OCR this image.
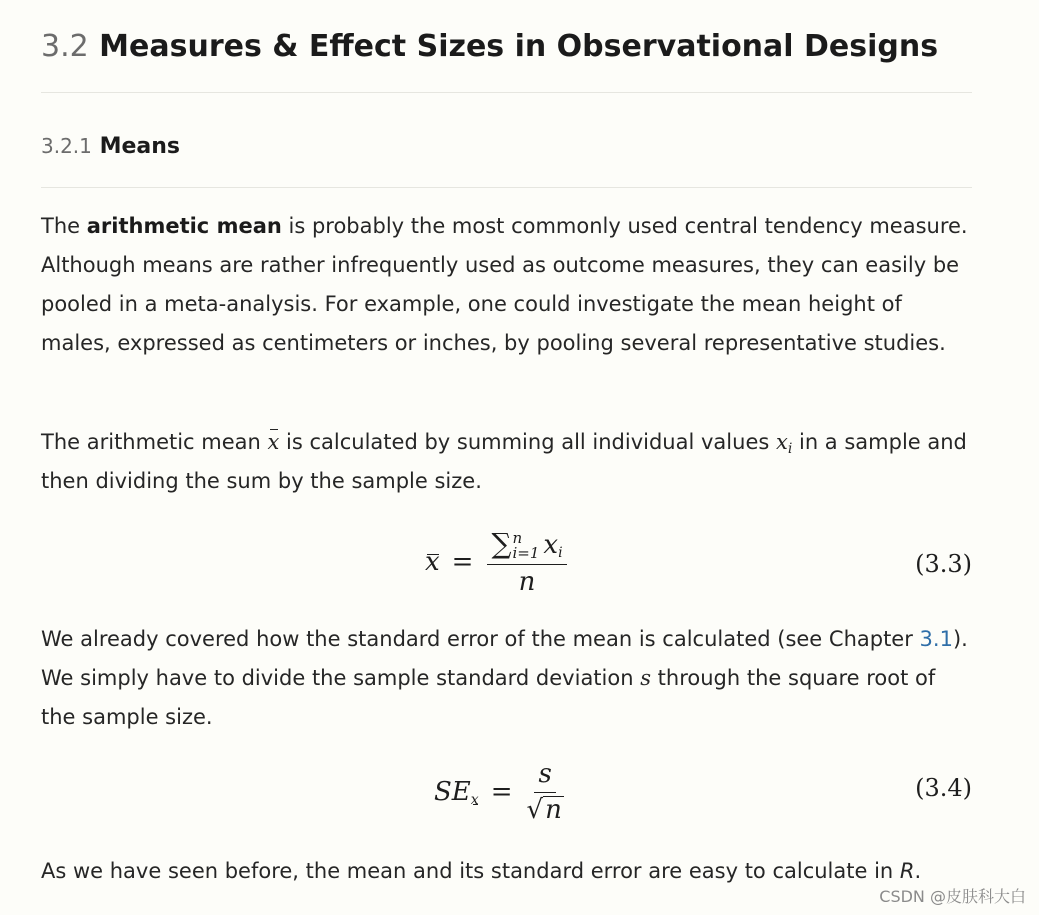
3.2 Measures & Effect Sizes in Observational Designs
3.2.1 Means

The arithmetic mean is probably the most commonly used central tendency measure. Although means are rather infrequently used as outcome measures, they can easily be pooled in a meta-analysis. For example, one could investigate the mean height of males, expressed as centimeters or inches, by pooling several representative studies.

The arithmetic mean x is calculated by summing all individual values $x_i$ in a sample and then dividing the sum by the sample size.

x = ∑ n
i=1 $x_i$
n	(3.3)

We already covered how the standard error of the mean is calculated (see Chapter 3.1). We simply have to divide the sample standard deviation s through the square root of the sample size.

$SE_x = \frac{s}{√ n}$	(3.4)

As we have seen before, the mean and its standard error are easy to calculate in R.

CSDN @皮肤科大白
